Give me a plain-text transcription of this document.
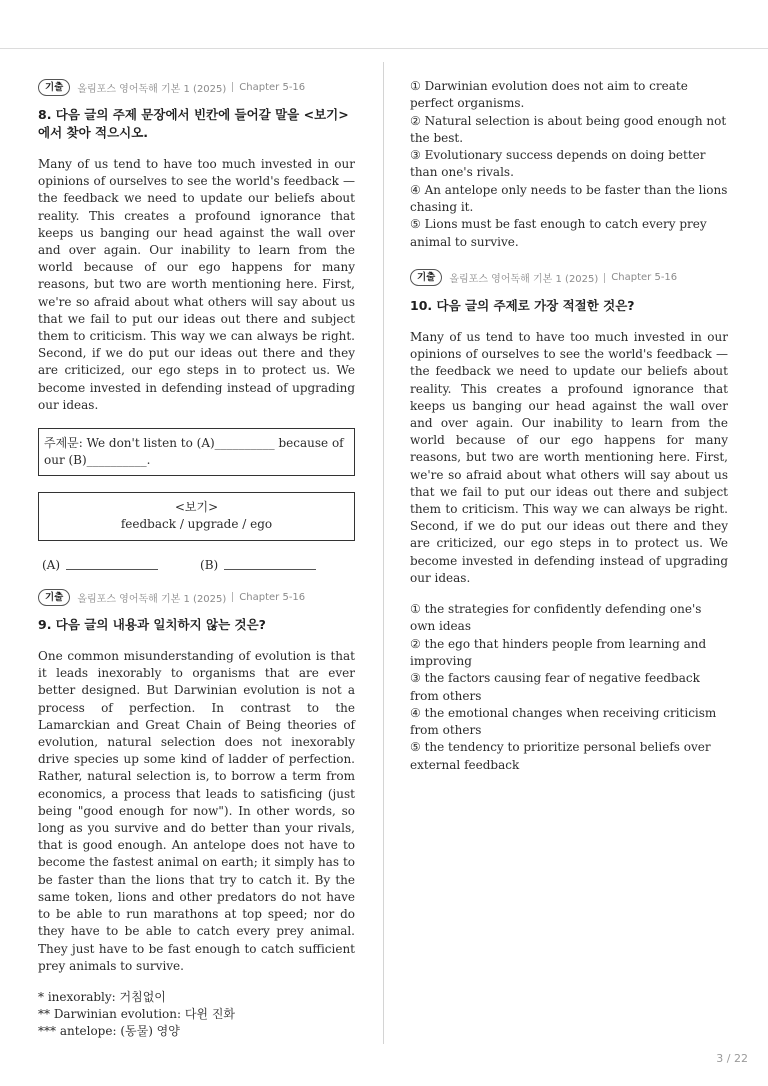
기출	올림포스 영어독해 기본 1 (2025) Chapter 5-16
8. 다음 글의 주제 문장에서 빈칸에 들어갈 말을 <보기>에서 찾아 적으시오.

Many of us tend to have too much invested in our opinions of ourselves to see the world's feedback — the feedback we need to update our beliefs about reality. This creates a profound ignorance that keeps us banging our head against the wall over and over again. Our inability to learn from the world because of our ego happens for many reasons, but two are worth mentioning here. First, we're so afraid about what others will say about us that we fail to put our ideas out there and subject them to criticism. This way we can always be right. Second, if we do put our ideas out there and they are criticized, our ego steps in to protect us. We become invested in defending instead of upgrading our ideas.

주제문: We don't listen to (A)__________ because of our (B)__________.
<보기>
feedback / upgrade / ego
(A)	(B)
기출	올림포스 영어독해 기본 1 (2025) Chapter 5-16
9. 다음 글의 내용과 일치하지 않는 것은?

One common misunderstanding of evolution is that it leads inexorably to organisms that are ever better designed. But Darwinian evolution is not a process of perfection. In contrast to the Lamarckian and Great Chain of Being theories of evolution, natural selection does not inexorably drive species up some kind of ladder of perfection. Rather, natural selection is, to borrow a term from economics, a process that leads to satisficing (just being "good enough for now"). In other words, so long as you survive and do better than your rivals, that is good enough. An antelope does not have to become the fastest animal on earth; it simply has to be faster than the lions that try to catch it. By the same token, lions and other predators do not have to be able to run marathons at top speed; nor do they have to be able to catch every prey animal. They just have to be fast enough to catch sufficient prey animals to survive.

* inexorably: 거침없이
** Darwinian evolution: 다윈 진화
*** antelope: (동물) 영양
① Darwinian evolution does not aim to create perfect organisms.
② Natural selection is about being good enough not the best.
③ Evolutionary success depends on doing better than one's rivals.
④ An antelope only needs to be faster than the lions chasing it.
⑤ Lions must be fast enough to catch every prey animal to survive.
기출	올림포스 영어독해 기본 1 (2025) Chapter 5-16
10. 다음 글의 주제로 가장 적절한 것은?

Many of us tend to have too much invested in our opinions of ourselves to see the world's feedback — the feedback we need to update our beliefs about reality. This creates a profound ignorance that keeps us banging our head against the wall over and over again. Our inability to learn from the world because of our ego happens for many reasons, but two are worth mentioning here. First, we're so afraid about what others will say about us that we fail to put our ideas out there and subject them to criticism. This way we can always be right. Second, if we do put our ideas out there and they are criticized, our ego steps in to protect us. We become invested in defending instead of upgrading our ideas.

① the strategies for confidently defending one's own ideas
② the ego that hinders people from learning and improving
③ the factors causing fear of negative feedback from others
④ the emotional changes when receiving criticism from others
⑤ the tendency to prioritize personal beliefs over external feedback
3 / 22
